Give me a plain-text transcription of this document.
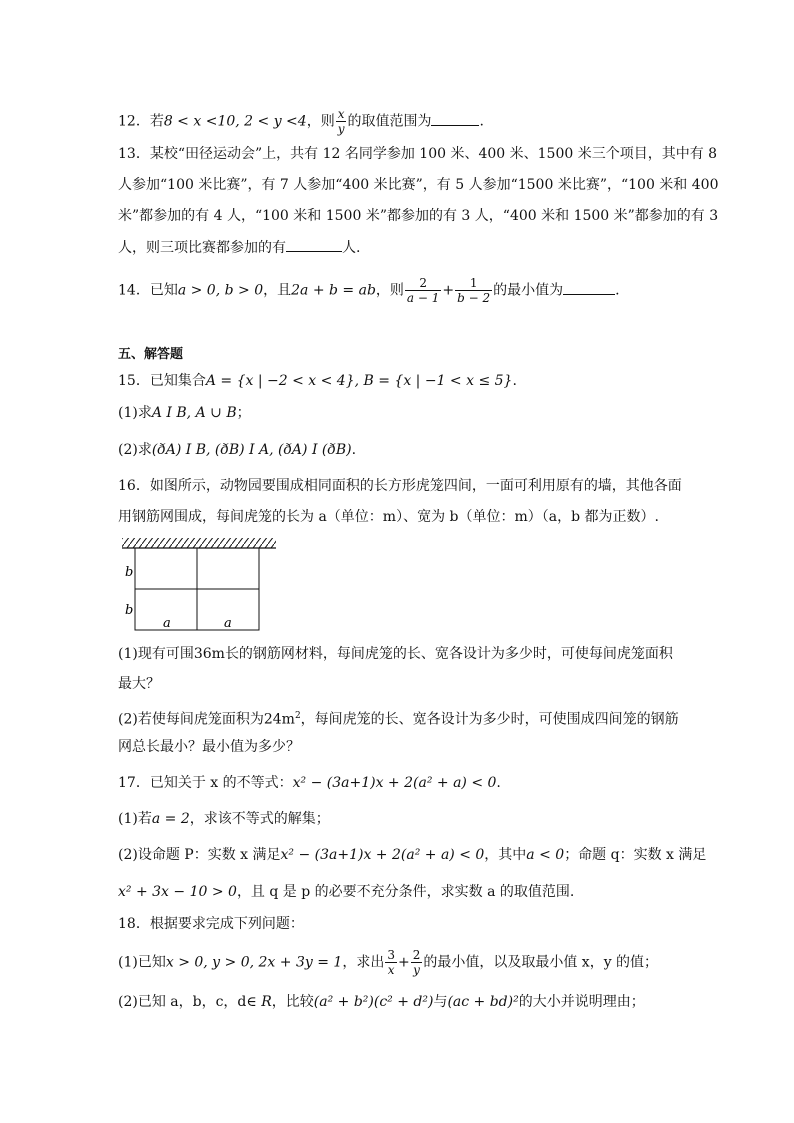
12．若8 < x <10, 2 < y <4，则 $\frac{x}{y}$ 的取值范围为	.
13．某校“田径运动会”上，共有 12 名同学参加 100 米、400 米、1500 米三个项目，其中有 8
人参加“100 米比赛”，有 7 人参加“400 米比赛”，有 5 人参加“1500 米比赛”，“100 米和 400
米”都参加的有 4 人，“100 米和 1500 米”都参加的有 3 人，“400 米和 1500 米”都参加的有 3
人，则三项比赛都参加的有	人.
14．已知a > 0, b > 0，且2a + b = ab，则 $\frac{2}{a - 1} + \frac{1}{b - 2}$ 的最小值为	.
五、解答题
15．已知集合A = {x | −2 < x < 4}, B = {x | −1 < x ≤ 5}.
(1)求A I B, A ∪ B；
(2)求(ðA) I B, (ðB) I A, (ðA) I (ðB).
16．如图所示，动物园要围成相同面积的长方形虎笼四间，一面可利用原有的墙，其他各面
用钢筋网围成，每间虎笼的长为 a（单位：m）、宽为 b（单位：m）（a，b 都为正数）.
b
b
a	a
(1)现有可围36m长的钢筋网材料，每间虎笼的长、宽各设计为多少时，可使每间虎笼面积
最大？
(2)若使每间虎笼面积为$24m^2$，每间虎笼的长、宽各设计为多少时，可使围成四间笼的钢筋
网总长最小？最小值为多少？
17．已知关于 x 的不等式：x² − (3a+1)x + 2(a² + a) < 0.
(1)若a = 2，求该不等式的解集；
(2)设命题 P：实数 x 满足x² − (3a+1)x + 2(a² + a) < 0，其中a < 0；命题 q：实数 x 满足
x² + 3x − 10 > 0，且 q 是 p 的必要不充分条件，求实数 a 的取值范围.
18．根据要求完成下列问题：
(1)已知x > 0, y > 0, 2x + 3y = 1，求出 $\frac{3}{x} + \frac{2}{y}$ 的最小值，以及取最小值 x，y 的值；
(2)已知 a，b，c，d∈ R，比较(a² + b²)(c² + d²)与(ac + bd)²的大小并说明理由；
